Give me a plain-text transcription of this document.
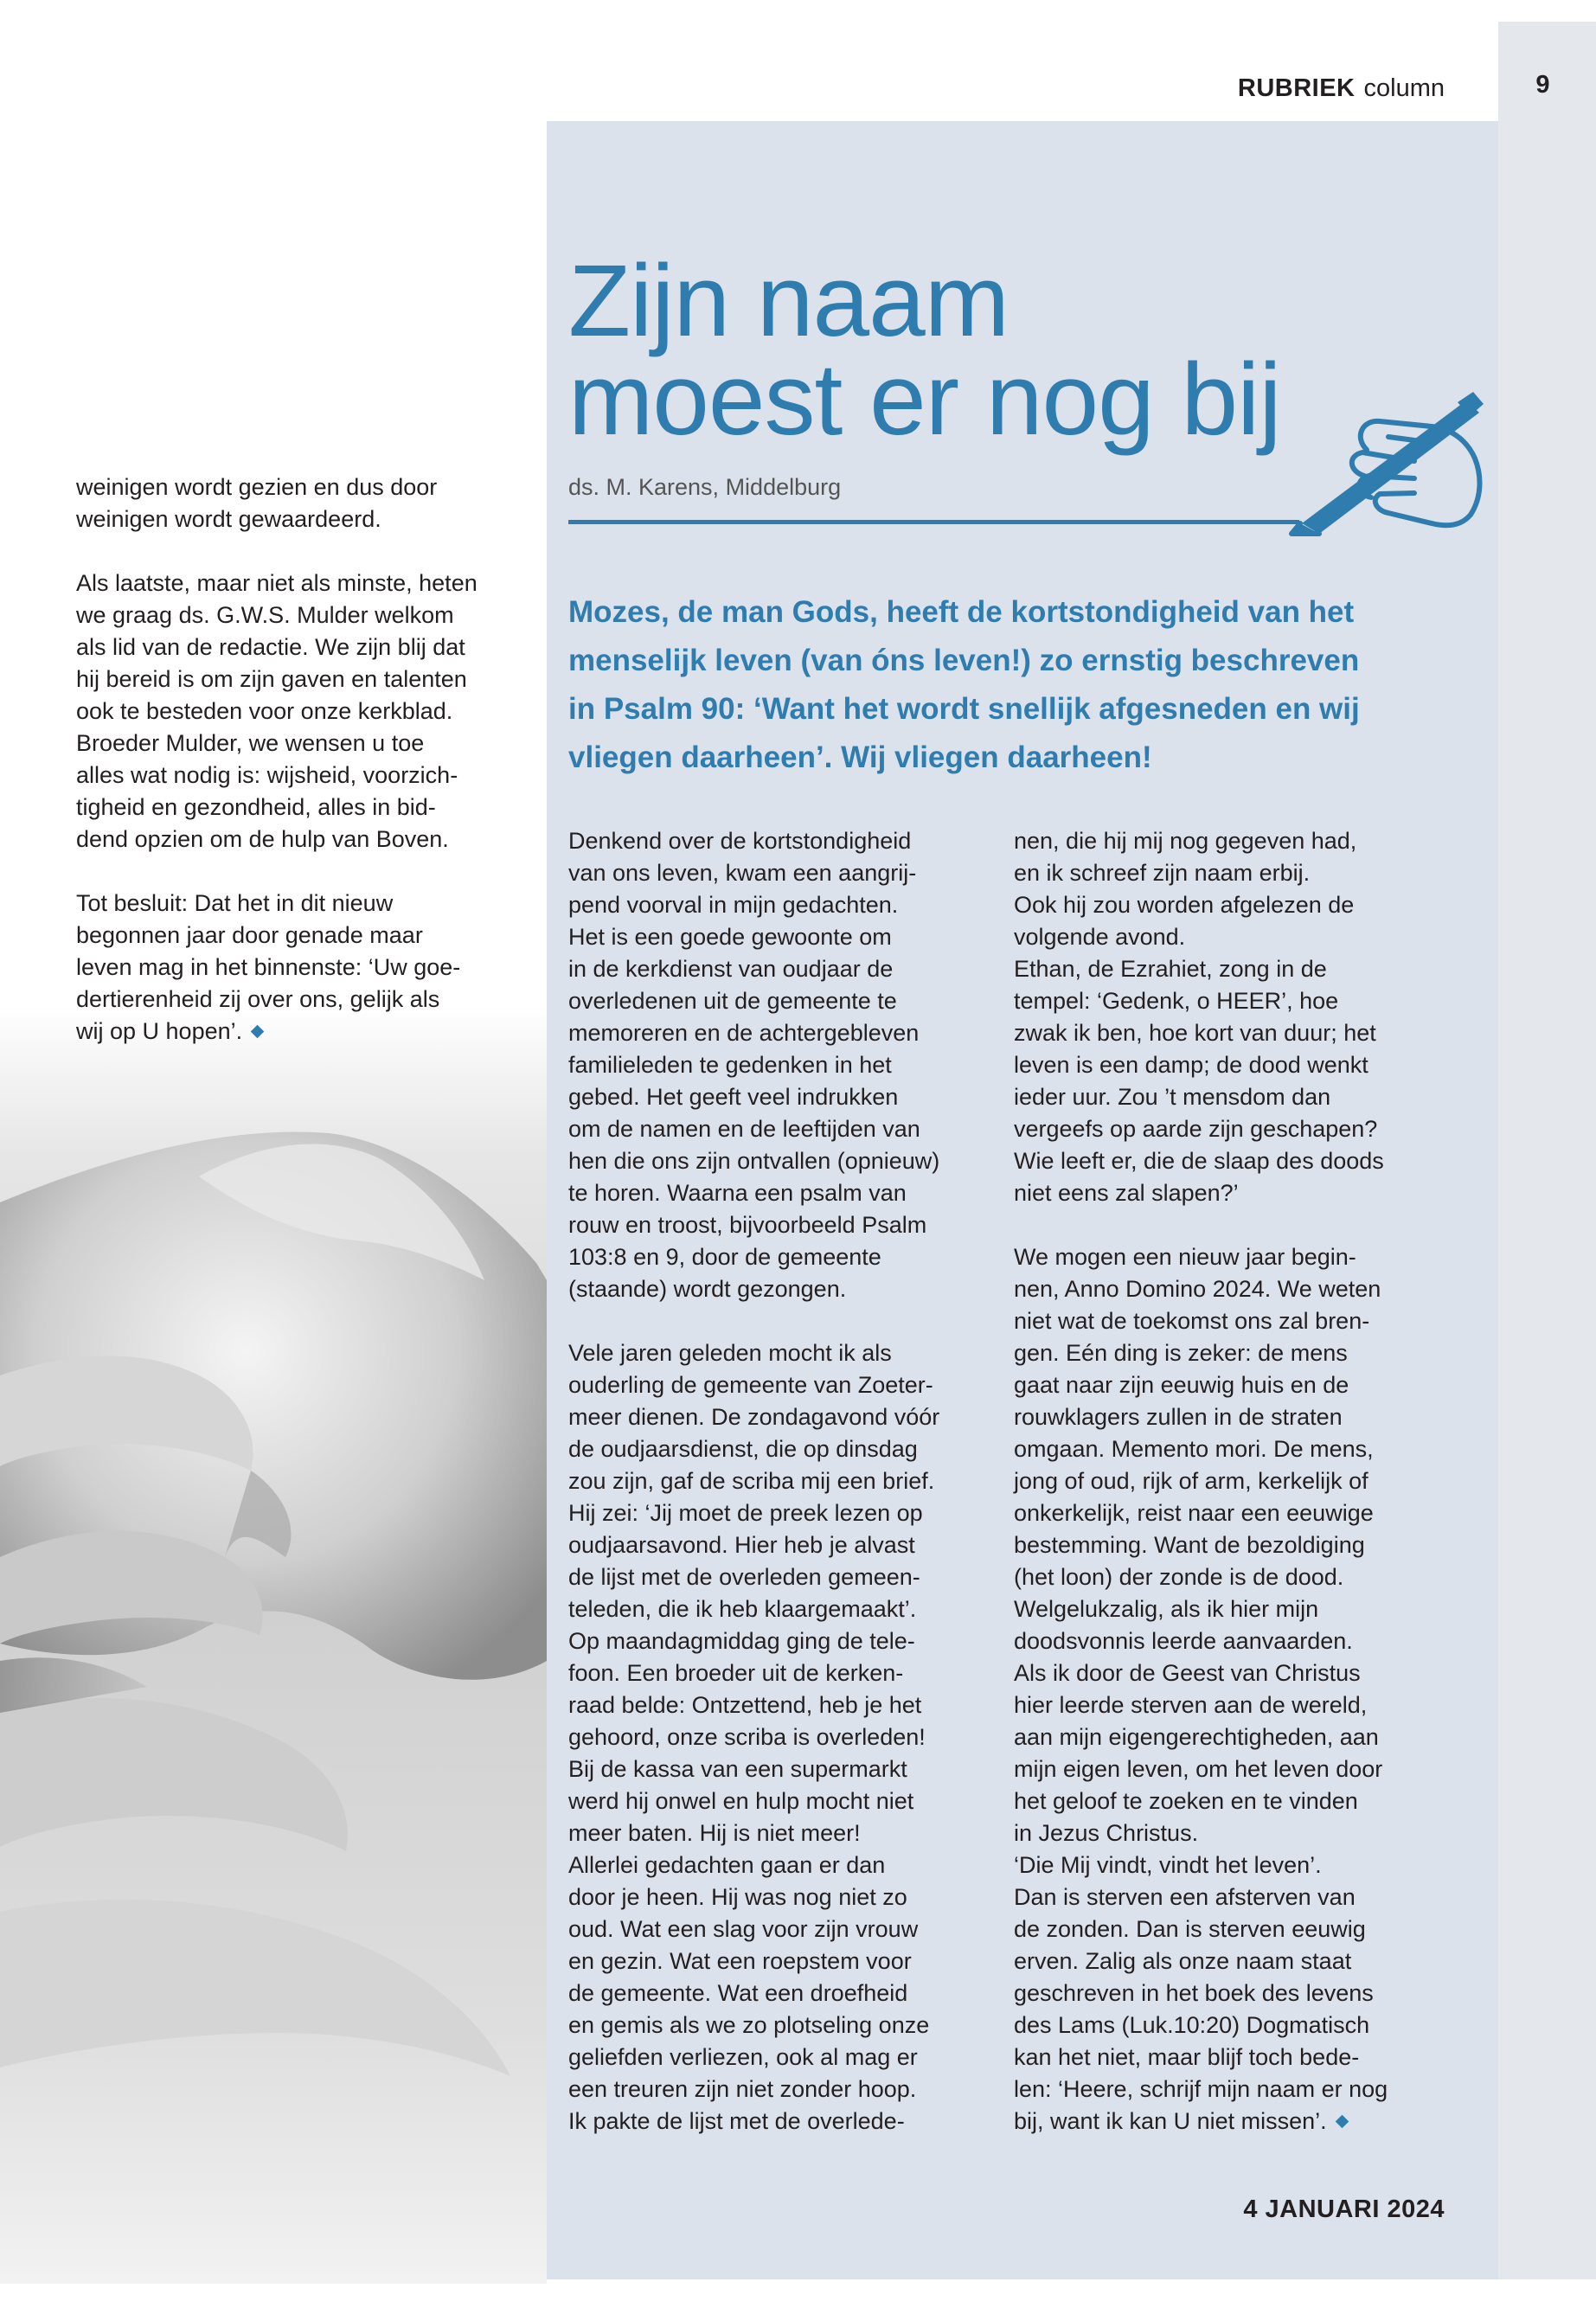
9
RUBRIEK column
Zijn naam
moest er nog bij
ds. M. Karens, Middelburg
Mozes, de man Gods, heeft de kortstondigheid van het
menselijk leven (van óns leven!) zo ernstig beschreven
in Psalm 90: ‘Want het wordt snellijk afgesneden en wij
vliegen daarheen’. Wij vliegen daarheen!
weinigen wordt gezien en dus door
weinigen wordt gewaardeerd.
Als laatste, maar niet als minste, heten
we graag ds. G.W.S. Mulder welkom
als lid van de redactie. We zijn blij dat
hij bereid is om zijn gaven en talenten
ook te besteden voor onze kerkblad.
Broeder Mulder, we wensen u toe
alles wat nodig is: wijsheid, voorzich-
tigheid en gezondheid, alles in bid-
dend opzien om de hulp van Boven.
Tot besluit: Dat het in dit nieuw
begonnen jaar door genade maar
leven mag in het binnenste: ‘Uw goe-
dertierenheid zij over ons, gelijk als
wij op U hopen’.
Denkend over de kortstondigheid
van ons leven, kwam een aangrij-
pend voorval in mijn gedachten.
Het is een goede gewoonte om
in de kerkdienst van oudjaar de
overledenen uit de gemeente te
memoreren en de achtergebleven
familieleden te gedenken in het
gebed. Het geeft veel indrukken
om de namen en de leeftijden van
hen die ons zijn ontvallen (opnieuw)
te horen. Waarna een psalm van
rouw en troost, bijvoorbeeld Psalm
103:8 en 9, door de gemeente
(staande) wordt gezongen.
Vele jaren geleden mocht ik als
ouderling de gemeente van Zoeter-
meer dienen. De zondagavond vóór
de oudjaarsdienst, die op dinsdag
zou zijn, gaf de scriba mij een brief.
Hij zei: ‘Jij moet de preek lezen op
oudjaarsavond. Hier heb je alvast
de lijst met de overleden gemeen-
teleden, die ik heb klaargemaakt’.
Op maandagmiddag ging de tele-
foon. Een broeder uit de kerken-
raad belde: Ontzettend, heb je het
gehoord, onze scriba is overleden!
Bij de kassa van een supermarkt
werd hij onwel en hulp mocht niet
meer baten. Hij is niet meer!
Allerlei gedachten gaan er dan
door je heen. Hij was nog niet zo
oud. Wat een slag voor zijn vrouw
en gezin. Wat een roepstem voor
de gemeente. Wat een droefheid
en gemis als we zo plotseling onze
geliefden verliezen, ook al mag er
een treuren zijn niet zonder hoop.
Ik pakte de lijst met de overlede-
nen, die hij mij nog gegeven had,
en ik schreef zijn naam erbij.
Ook hij zou worden afgelezen de
volgende avond.
Ethan, de Ezrahiet, zong in de
tempel: ‘Gedenk, o HEER’, hoe
zwak ik ben, hoe kort van duur; het
leven is een damp; de dood wenkt
ieder uur. Zou ’t mensdom dan
vergeefs op aarde zijn geschapen?
Wie leeft er, die de slaap des doods
niet eens zal slapen?’
We mogen een nieuw jaar begin-
nen, Anno Domino 2024. We weten
niet wat de toekomst ons zal bren-
gen. Eén ding is zeker: de mens
gaat naar zijn eeuwig huis en de
rouwklagers zullen in de straten
omgaan. Memento mori. De mens,
jong of oud, rijk of arm, kerkelijk of
onkerkelijk, reist naar een eeuwige
bestemming. Want de bezoldiging
(het loon) der zonde is de dood.
Welgelukzalig, als ik hier mijn
doodsvonnis leerde aanvaarden.
Als ik door de Geest van Christus
hier leerde sterven aan de wereld,
aan mijn eigengerechtigheden, aan
mijn eigen leven, om het leven door
het geloof te zoeken en te vinden
in Jezus Christus.
‘Die Mij vindt, vindt het leven’.
Dan is sterven een afsterven van
de zonden. Dan is sterven eeuwig
erven. Zalig als onze naam staat
geschreven in het boek des levens
des Lams (Luk.10:20) Dogmatisch
kan het niet, maar blijf toch bede-
len: ‘Heere, schrijf mijn naam er nog
bij, want ik kan U niet missen’.
4 JANUARI 2024
